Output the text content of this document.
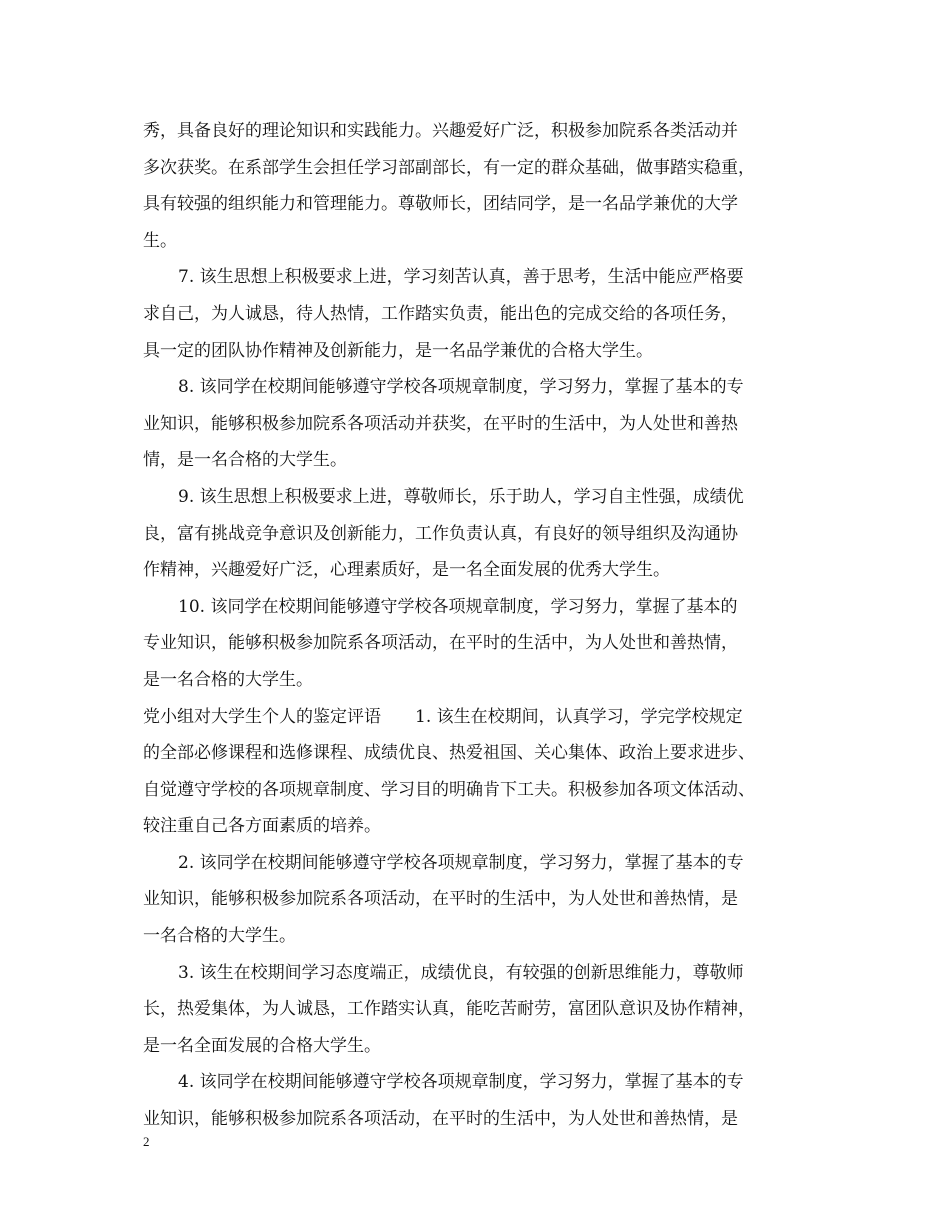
秀，具备良好的理论知识和实践能力。兴趣爱好广泛，积极参加院系各类活动并
多次获奖。在系部学生会担任学习部副部长，有一定的群众基础，做事踏实稳重，
具有较强的组织能力和管理能力。尊敬师长，团结同学，是一名品学兼优的大学
生。
7. 该生思想上积极要求上进，学习刻苦认真，善于思考，生活中能应严格要
求自己，为人诚恳，待人热情，工作踏实负责，能出色的完成交给的各项任务，
具一定的团队协作精神及创新能力，是一名品学兼优的合格大学生。
8. 该同学在校期间能够遵守学校各项规章制度，学习努力，掌握了基本的专
业知识，能够积极参加院系各项活动并获奖，在平时的生活中，为人处世和善热
情，是一名合格的大学生。
9. 该生思想上积极要求上进，尊敬师长，乐于助人，学习自主性强，成绩优
良，富有挑战竞争意识及创新能力，工作负责认真，有良好的领导组织及沟通协
作精神，兴趣爱好广泛，心理素质好，是一名全面发展的优秀大学生。
10. 该同学在校期间能够遵守学校各项规章制度，学习努力，掌握了基本的
专业知识，能够积极参加院系各项活动，在平时的生活中，为人处世和善热情，
是一名合格的大学生。
党小组对大学生个人的鉴定评语　　1. 该生在校期间，认真学习，学完学校规定
的全部必修课程和选修课程、成绩优良、热爱祖国、关心集体、政治上要求进步、
自觉遵守学校的各项规章制度、学习目的明确肯下工夫。积极参加各项文体活动、
较注重自己各方面素质的培养。
2. 该同学在校期间能够遵守学校各项规章制度，学习努力，掌握了基本的专
业知识，能够积极参加院系各项活动，在平时的生活中，为人处世和善热情，是
一名合格的大学生。
3. 该生在校期间学习态度端正，成绩优良，有较强的创新思维能力，尊敬师
长，热爱集体，为人诚恳，工作踏实认真，能吃苦耐劳，富团队意识及协作精神，
是一名全面发展的合格大学生。
4. 该同学在校期间能够遵守学校各项规章制度，学习努力，掌握了基本的专
业知识，能够积极参加院系各项活动，在平时的生活中，为人处世和善热情，是
2
